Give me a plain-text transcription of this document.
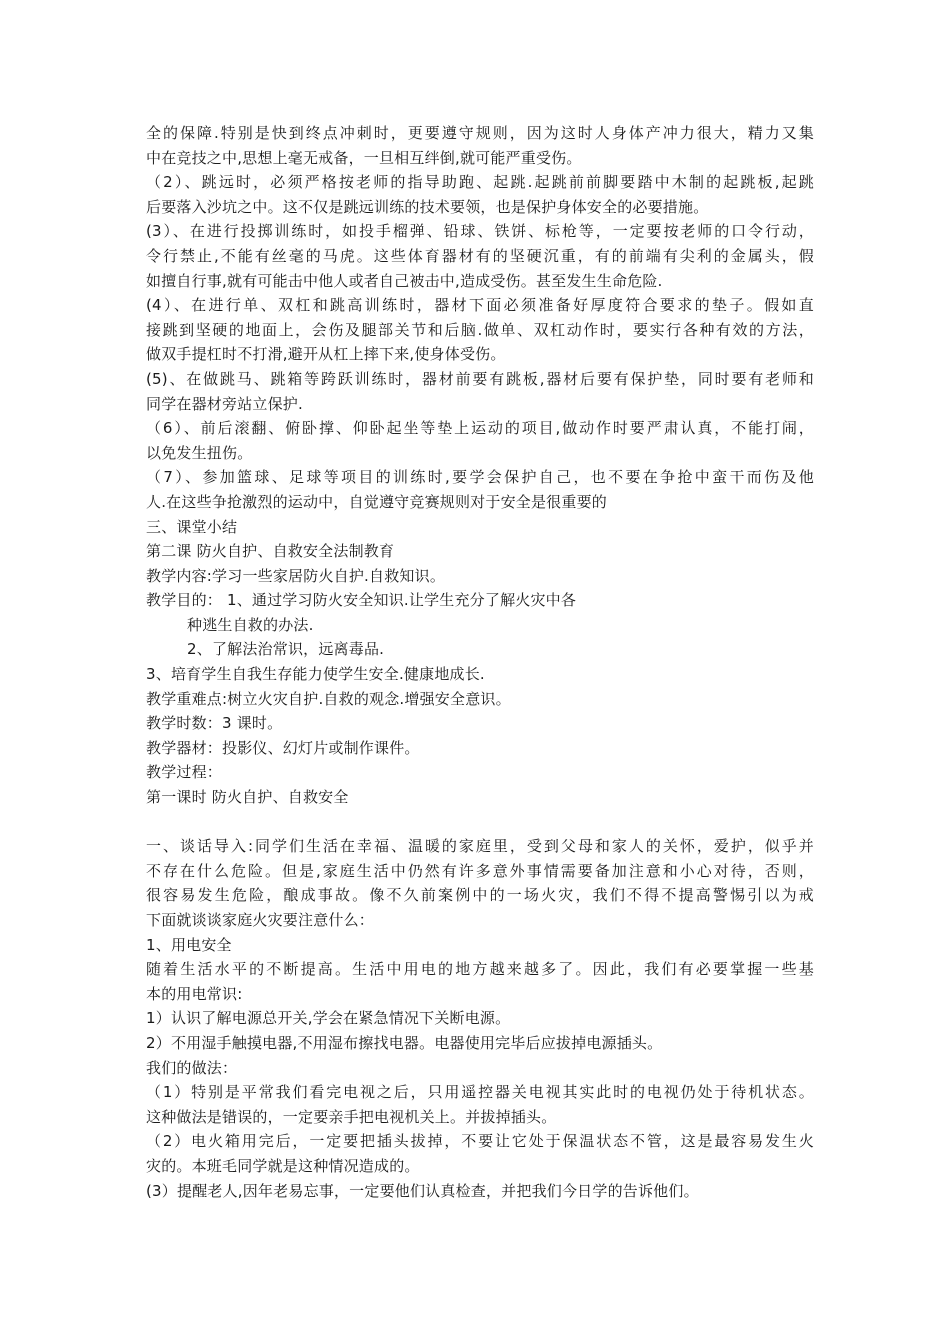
全的保障.特别是快到终点冲刺时，更要遵守规则，因为这时人身体产冲力很大，精力又集
中在竞技之中,思想上毫无戒备，一旦相互绊倒,就可能严重受伤。
（2）、跳远时，必须严格按老师的指导助跑、起跳.起跳前前脚要踏中木制的起跳板,起跳
后要落入沙坑之中。这不仅是跳远训练的技术要领，也是保护身体安全的必要措施。
(3）、在进行投掷训练时，如投手榴弹、铅球、铁饼、标枪等，一定要按老师的口令行动，
令行禁止,不能有丝毫的马虎。这些体育器材有的坚硬沉重，有的前端有尖利的金属头，假
如擅自行事,就有可能击中他人或者自己被击中,造成受伤。甚至发生生命危险.
(4）、在进行单、双杠和跳高训练时，器材下面必须准备好厚度符合要求的垫子。假如直
接跳到坚硬的地面上，会伤及腿部关节和后脑.做单、双杠动作时，要实行各种有效的方法，
做双手提杠时不打滑,避开从杠上摔下来,使身体受伤。
(5)、在做跳马、跳箱等跨跃训练时，器材前要有跳板,器材后要有保护垫，同时要有老师和
同学在器材旁站立保护.
（6）、前后滚翻、俯卧撑、仰卧起坐等垫上运动的项目,做动作时要严肃认真，不能打闹，
以免发生扭伤。
（7）、参加篮球、足球等项目的训练时,要学会保护自己，也不要在争抢中蛮干而伤及他
人.在这些争抢激烈的运动中，自觉遵守竞赛规则对于安全是很重要的
三、课堂小结
第二课 防火自护、自救安全法制教育
教学内容:学习一些家居防火自护.自救知识。
教学目的： 1、通过学习防火安全知识.让学生充分了解火灾中各
种逃生自救的办法.
2、了解法治常识，远离毒品.
3、培育学生自我生存能力使学生安全.健康地成长.
教学重难点:树立火灾自护.自救的观念.增强安全意识。
教学时数：3 课时。
教学器材：投影仪、幻灯片或制作课件。
教学过程：
第一课时 防火自护、自救安全
一、谈话导入:同学们生活在幸福、温暖的家庭里，受到父母和家人的关怀，爱护，似乎并
不存在什么危险。但是,家庭生活中仍然有许多意外事情需要备加注意和小心对待，否则，
很容易发生危险，酿成事故。像不久前案例中的一场火灾，我们不得不提高警惕引以为戒
下面就谈谈家庭火灾要注意什么：
1、用电安全
随着生活水平的不断提高。生活中用电的地方越来越多了。因此，我们有必要掌握一些基
本的用电常识:
1）认识了解电源总开关,学会在紧急情况下关断电源。
2）不用湿手触摸电器,不用湿布擦找电器。电器使用完毕后应拔掉电源插头。
我们的做法：
（1）特别是平常我们看完电视之后，只用遥控器关电视其实此时的电视仍处于待机状态。
这种做法是错误的，一定要亲手把电视机关上。并拔掉插头。
（2）电火箱用完后，一定要把插头拔掉，不要让它处于保温状态不管，这是最容易发生火
灾的。本班毛同学就是这种情况造成的。
(3）提醒老人,因年老易忘事，一定要他们认真检查，并把我们今日学的告诉他们。
